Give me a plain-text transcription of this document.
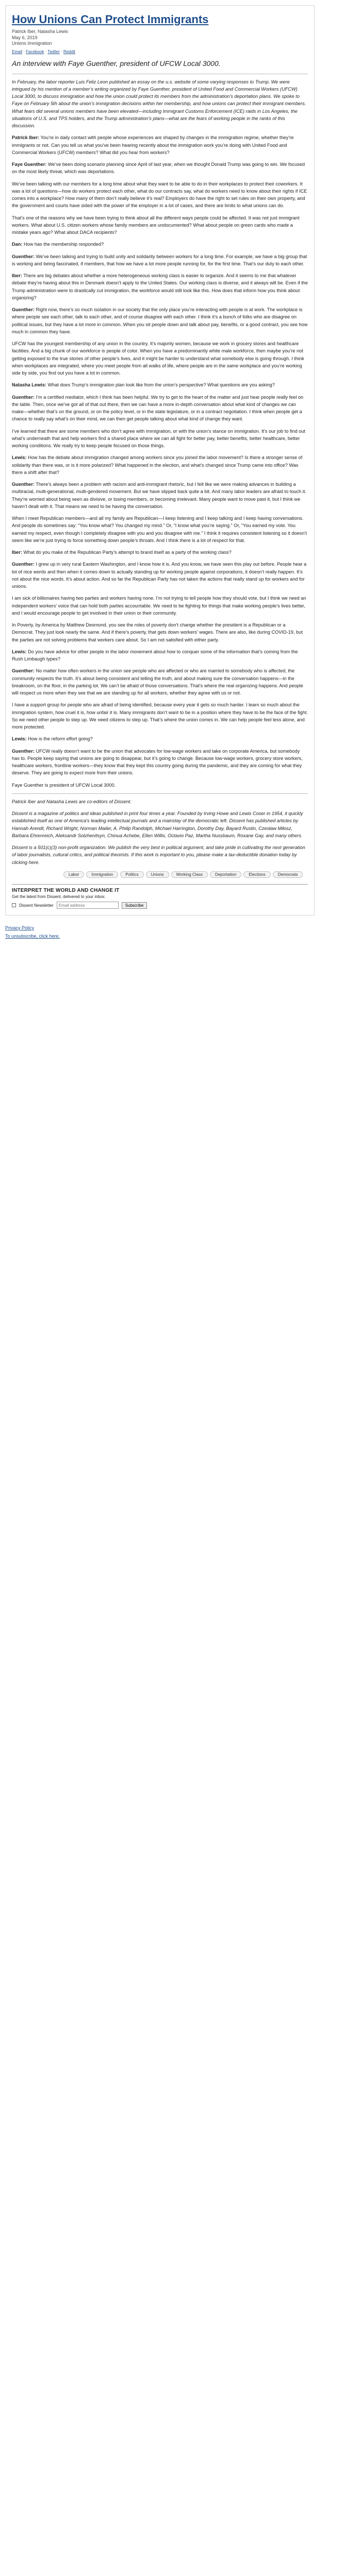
How Unions Can Protect Immigrants
Patrick Iber, Natasha Lewis
May 6, 2019
Unions Immigration
Email · Facebook · Twitter · Reddit
An interview with Faye Guenther, president of UFCW Local 3000.

In February, the labor reporter Luis Feliz Leon published an essay on the u.s. website of some varying responses to Trump. We were intrigued by his mention of a member’s writing organized by Faye Guenther, president of United Food and Commercial Workers (UFCW) Local 3000, to discuss immigration and how the union could protect its members from the administration’s deportation plans. We spoke to Faye on February 5th about the union’s immigration decisions within her membership, and how unions can protect their immigrant members. What fears did several unions members have been elevated—including Immigrant Customs Enforcement (ICE) raids in Los Angeles, the situations of U.S. and TPS holders, and the Trump administration’s plans—what are the fears of working people in the ranks of this discussion.

Patrick Iber: You’re in daily contact with people whose experiences are shaped by changes in the immigration regime, whether they’re immigrants or not. Can you tell us what you’ve been hearing recently about the immigration work you’re doing with United Food and Commercial Workers (UFCW) members? What did you hear from workers?

Faye Guenther: We’ve been doing scenario planning since April of last year, when we thought Donald Trump was going to win. We focused on the most likely threat, which was deportations.

We’ve been talking with our members for a long time about what they want to be able to do in their workplaces to protect their coworkers. It was a lot of questions—how do workers protect each other, what do our contracts say, what do workers need to know about their rights if ICE comes into a workplace? How many of them don’t really believe it’s real? Employers do have the right to set rules on their own property, and the government and courts have sided with the power of the employer in a lot of cases, and there are limits to what unions can do.

That’s one of the reasons why we have been trying to think about all the different ways people could be affected. It was not just immigrant workers. What about U.S. citizen workers whose family members are undocumented? What about people on green cards who made a mistake years ago? What about DACA recipients?

Dan: How has the membership responded?

Guenther: We’ve been talking and trying to build unity and solidarity between workers for a long time. For example, we have a big group that is working and being fascinated, if members, that how we have a lot more people running for, for the first time. That’s our duty to each other.

Iber: There are big debates about whether a more heterogeneous working class is easier to organize. And it seems to me that whatever debate they’re having about this in Denmark doesn’t apply to the United States. Our working class is diverse, and it always will be. Even if the Trump administration were to drastically cut immigration, the workforce would still look like this. How does that inform how you think about organizing?

Guenther: Right now, there’s so much isolation in our society that the only place you’re interacting with people is at work. The workplace is where people see each other, talk to each other, and of course disagree with each other. I think it’s a bunch of folks who are disagree on political issues, but they have a lot more in common. When you sit people down and talk about pay, benefits, or a good contract, you see how much in common they have.

UFCW has the youngest membership of any union in the country. It’s majority women, because we work in grocery stores and healthcare facilities. And a big chunk of our workforce is people of color. When you have a predominantly white male workforce, then maybe you’re not getting exposed to the true stories of other people’s lives, and it might be harder to understand what somebody else is going through. I think when workplaces are integrated, where you meet people from all walks of life, where people are in the same workplace and you’re working side by side, you find out you have a lot in common.

Natasha Lewis: What does Trump’s immigration plan look like from the union’s perspective? What questions are you asking?

Guenther: I’m a certified mediator, which I think has been helpful. We try to get to the heart of the matter and just hear people really feel on the table. Then, once we’ve got all of that out there, then we can have a more in-depth conversation about what kind of changes we can make—whether that’s on the ground, or on the policy level, or in the state legislature, or in a contract negotiation. I think when people get a chance to really say what’s on their mind, we can then get people talking about what kind of change they want.

I’ve learned that there are some members who don’t agree with immigration, or with the union’s stance on immigration. It’s our job to find out what’s underneath that and help workers find a shared place where we can all fight for better pay, better benefits, better healthcare, better working conditions. We really try to keep people focused on those things.

Lewis: How has the debate about immigration changed among workers since you joined the labor movement? Is there a stronger sense of solidarity than there was, or is it more polarized? What happened in the election, and what’s changed since Trump came into office? Was there a shift after that?

Guenther: There’s always been a problem with racism and anti-immigrant rhetoric, but I felt like we were making advances in building a multiracial, multi-generational, multi-gendered movement. But we have slipped back quite a bit. And many labor leaders are afraid to touch it. They’re worried about being seen as divisive, or losing members, or becoming irrelevant. Many people want to move past it, but I think we haven’t dealt with it. That means we need to be having the conversation.

When I meet Republican members—and all my family are Republican—I keep listening and I keep talking and I keep having conversations. And people do sometimes say: “You know what? You changed my mind.” Or, “I know what you’re saying.” Or, “You earned my vote. You earned my respect, even though I completely disagree with you and you disagree with me.” I think it requires consistent listening so it doesn’t seem like we’re just trying to force something down people’s throats. And I think there is a lot of respect for that.

Iber: What do you make of the Republican Party’s attempt to brand itself as a party of the working class?

Guenther: I grew up in very rural Eastern Washington, and I know how it is. And you know, we have seen this play out before. People hear a lot of nice words and then when it comes down to actually standing up for working people against corporations, it doesn’t really happen. It’s not about the nice words. It’s about action. And so far the Republican Party has not taken the actions that really stand up for workers and for unions.

I am sick of billionaires having two parties and workers having none. I’m not trying to tell people how they should vote, but I think we need an independent workers’ voice that can hold both parties accountable. We need to be fighting for things that make working people’s lives better, and I would encourage people to get involved in their union or their community.

In Poverty, by America by Matthew Desmond, you see the roles of poverty don’t change whether the president is a Republican or a Democrat. They just look nearly the same. And if there’s poverty, that gets down workers’ wages. There are also, like during COVID-19, but the parties are not solving problems that workers care about. So I am not satisfied with either party.

Lewis: Do you have advice for other people in the labor movement about how to conquer some of the information that’s coming from the Rush Limbaugh types?

Guenther: No matter how often workers in the union see people who are affected or who are married to somebody who is affected, the community respects the truth. It’s about being consistent and telling the truth, and about making sure the conversation happens—in the breakroom, on the floor, in the parking lot. We can’t be afraid of those conversations. That’s where the real organizing happens. And people will respect us more when they see that we are standing up for all workers, whether they agree with us or not.

I have a support group for people who are afraid of being identified, because every year it gets so much harder. I learn so much about the immigration system, how cruel it is, how unfair it is. Many immigrants don’t want to be in a position where they have to be the face of the fight. So we need other people to step up. We need citizens to step up. That’s where the union comes in. We can help people feel less alone, and more protected.

Lewis: How is the reform effort going?

Guenther: UFCW really doesn’t want to be the union that advocates for low-wage workers and take on corporate America, but somebody has to. People keep saying that unions are going to disappear, but it’s going to change. Because low-wage workers, grocery store workers, healthcare workers, frontline workers—they know that they kept this country going during the pandemic, and they are coming for what they deserve. They are going to expect more from their unions.

Faye Guenther is president of UFCW Local 3000.

Patrick Iber and Natasha Lewis are co-editors of Dissent.
Dissent is a magazine of politics and ideas published in print four times a year. Founded by Irving Howe and Lewis Coser in 1954, it quickly established itself as one of America’s leading intellectual journals and a mainstay of the democratic left. Dissent has published articles by Hannah Arendt, Richard Wright, Norman Mailer, A. Philip Randolph, Michael Harrington, Dorothy Day, Bayard Rustin, Czesław Miłosz, Barbara Ehrenreich, Aleksandr Solzhenitsyn, Chinua Achebe, Ellen Willis, Octavio Paz, Martha Nussbaum, Roxane Gay, and many others.
Dissent is a 501(c)(3) non-profit organization. We publish the very best in political argument, and take pride in cultivating the next generation of labor journalists, cultural critics, and political theorists. If this work is important to you, please make a tax-deductible donation today by clicking here.
Labor	Immigration	Politics	Unions	Working Class	Deportation	Elections	Democrats
INTERPRET THE WORLD AND CHANGE IT
Get the latest from Dissent, delivered to your inbox.
Dissent Newsletter
Email address	Subscribe
Privacy Policy
To unsubscribe, click here.
